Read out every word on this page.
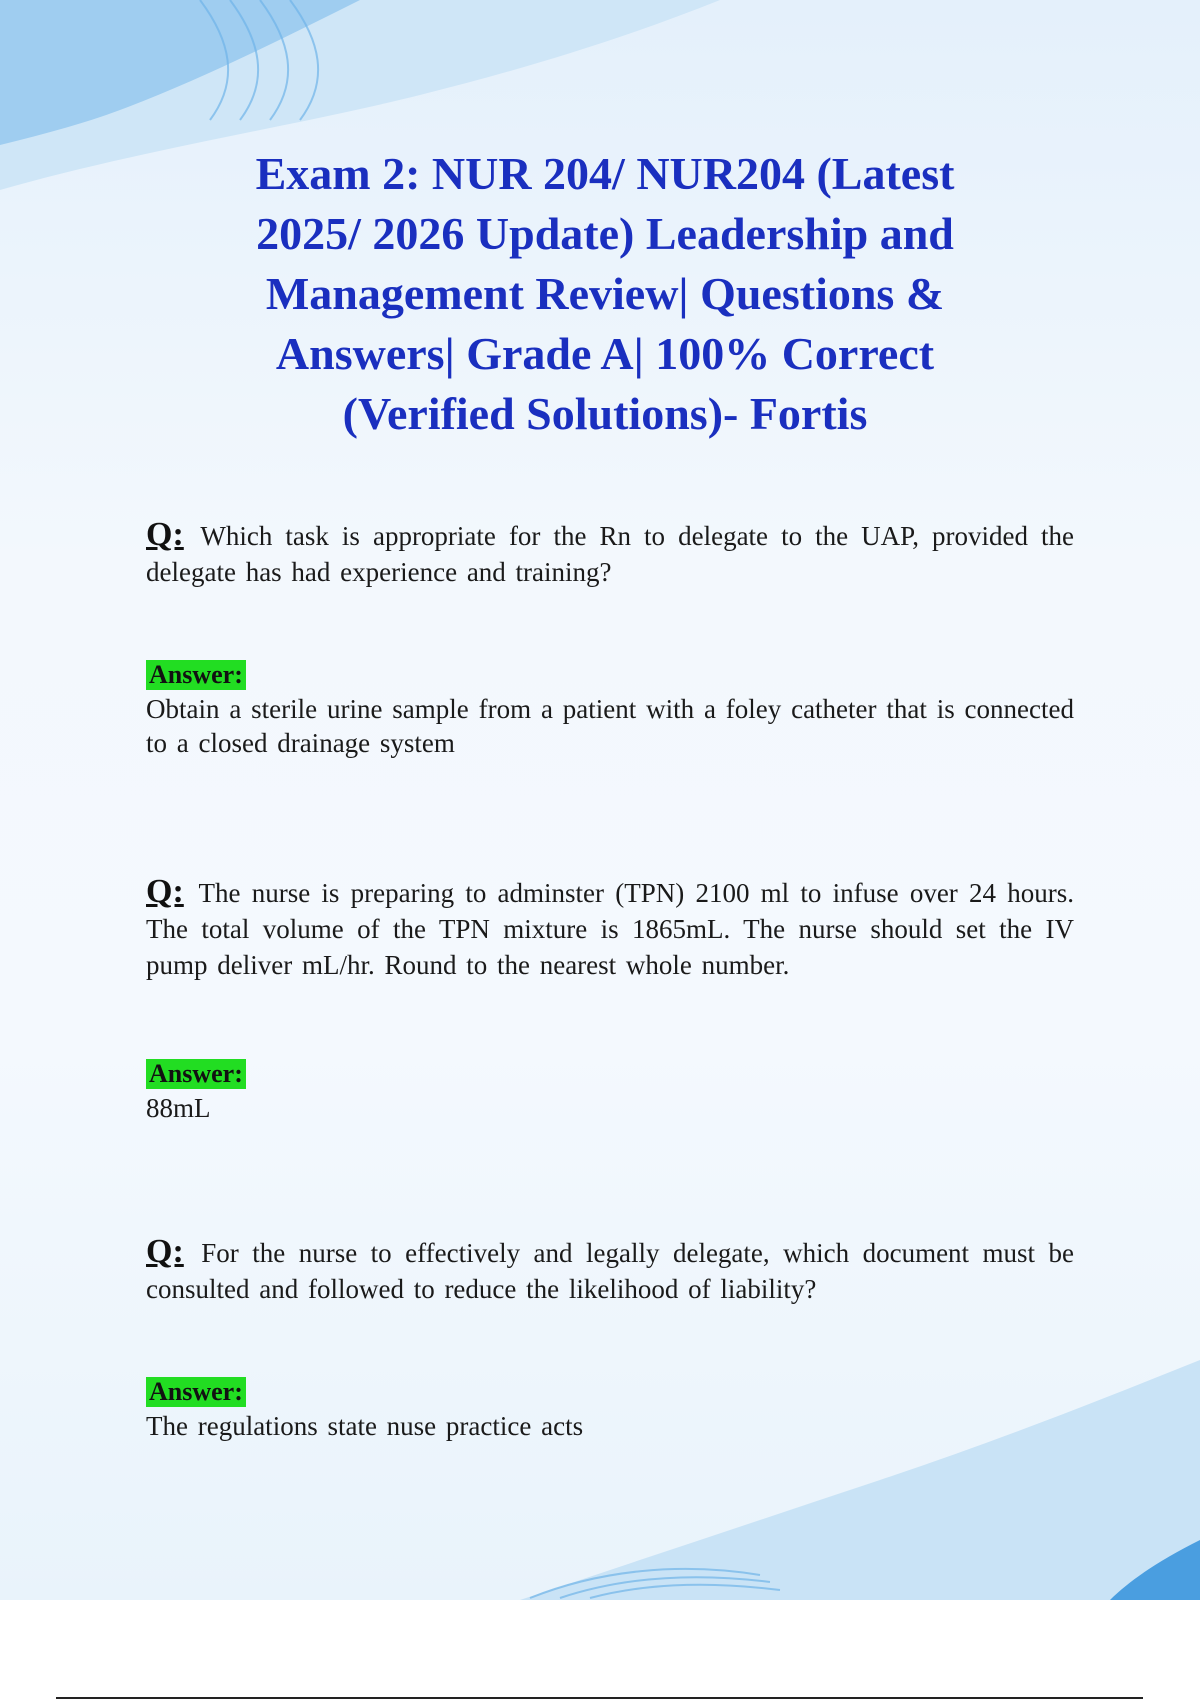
Exam 2: NUR 204/ NUR204 (Latest 2025/ 2026 Update) Leadership and Management Review| Questions & Answers| Grade A| 100% Correct (Verified Solutions)- Fortis

Q: Which task is appropriate for the Rn to delegate to the UAP, provided the delegate has had experience and training?

Answer:

Obtain a sterile urine sample from a patient with a foley catheter that is connected to a closed drainage system

Q: The nurse is preparing to adminster (TPN) 2100 ml to infuse over 24 hours. The total volume of the TPN mixture is 1865mL. The nurse should set the IV pump deliver mL/hr. Round to the nearest whole number.

Answer:

88mL

Q: For the nurse to effectively and legally delegate, which document must be consulted and followed to reduce the likelihood of liability?

Answer:

The regulations state nuse practice acts
